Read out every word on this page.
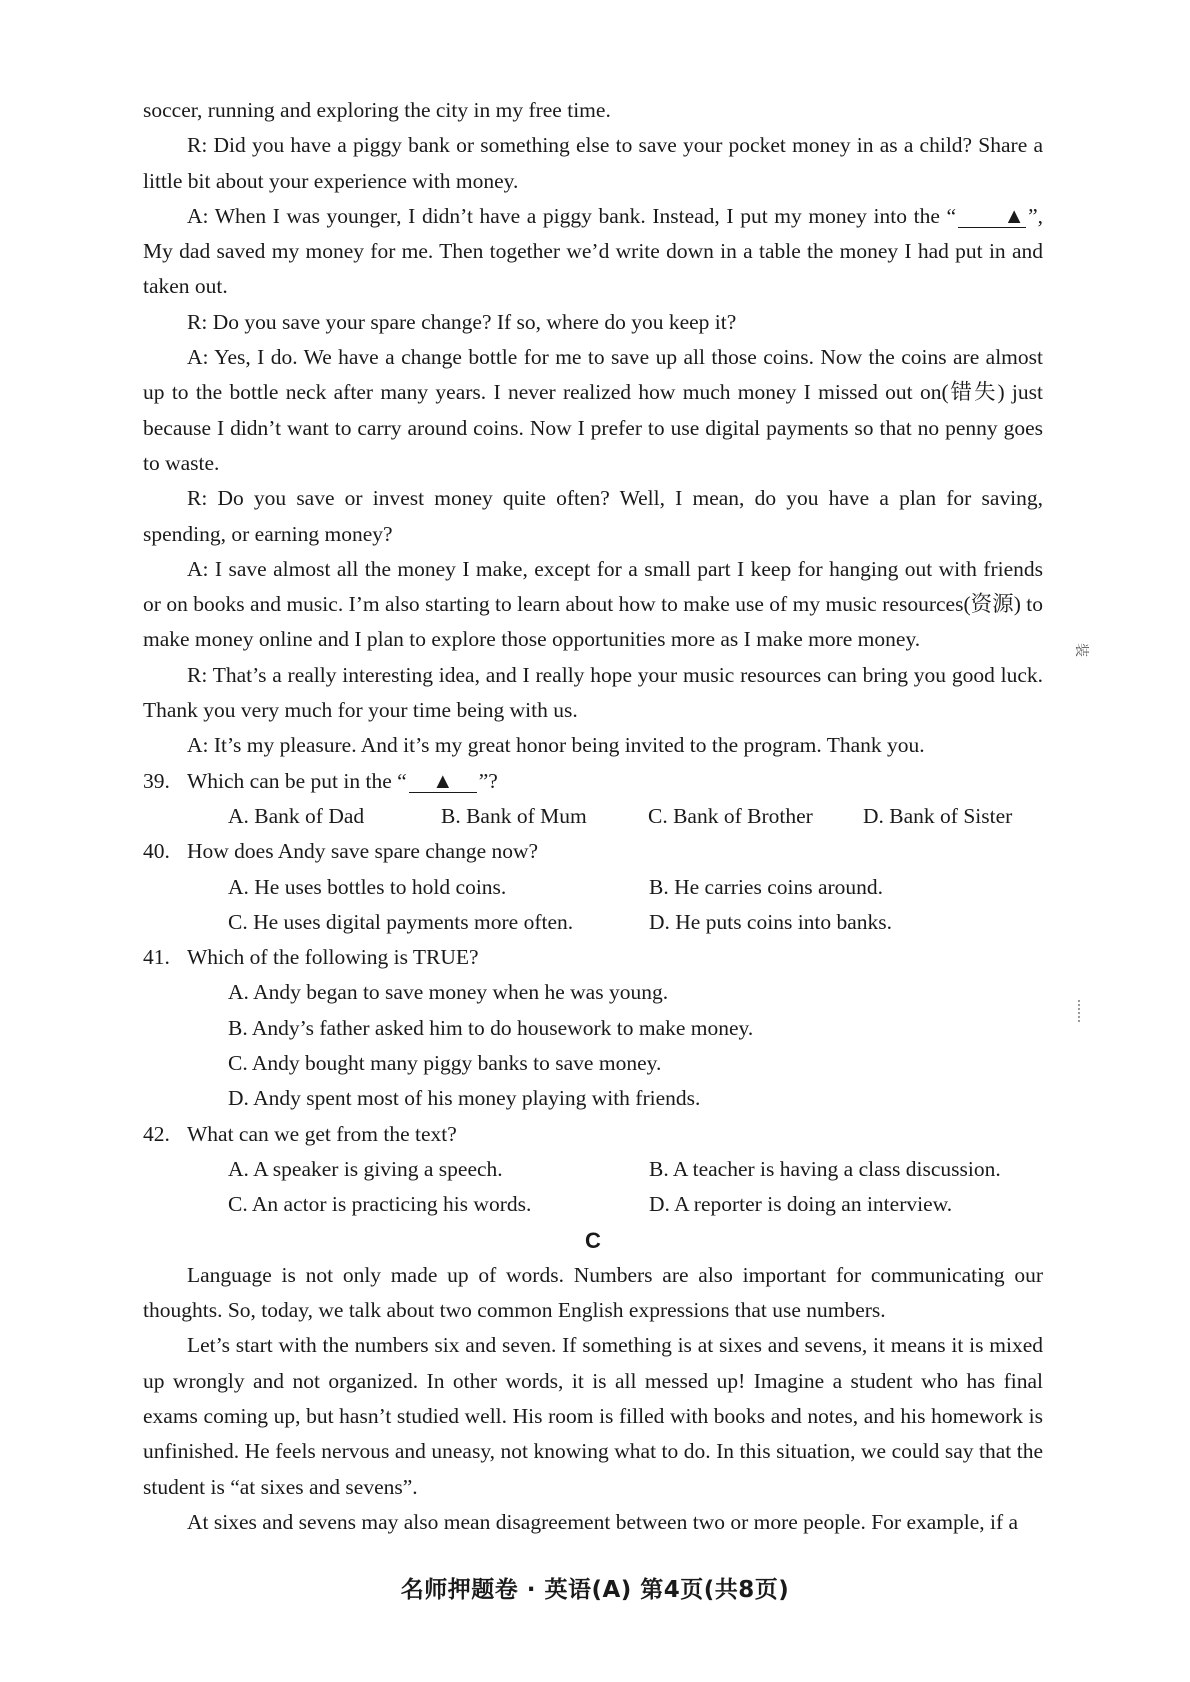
soccer, running and exploring the city in my free time.

R: Did you have a piggy bank or something else to save your pocket money in as a child? Share a little bit about your experience with money.

A: When I was younger, I didn’t have a piggy bank. Instead, I put my money into the “ ▲ ”, My dad saved my money for me. Then together we’d write down in a table the money I had put in and taken out.

R: Do you save your spare change? If so, where do you keep it?

A: Yes, I do. We have a change bottle for me to save up all those coins. Now the coins are almost up to the bottle neck after many years. I never realized how much money I missed out on(错失) just because I didn’t want to carry around coins. Now I prefer to use digital payments so that no penny goes to waste.

R: Do you save or invest money quite often? Well, I mean, do you have a plan for saving, spending, or earning money?

A: I save almost all the money I make, except for a small part I keep for hanging out with friends or on books and music. I’m also starting to learn about how to make use of my music resources(资源) to make money online and I plan to explore those opportunities more as I make more money.

R: That’s a really interesting idea, and I really hope your music resources can bring you good luck. Thank you very much for your time being with us.

A: It’s my pleasure. And it’s my great honor being invited to the program. Thank you.

39. Which can be put in the “ ▲ ”?

A. Bank of Dad	B. Bank of Mum	C. Bank of Brother	D. Bank of Sister

40. How does Andy save spare change now?

A. He uses bottles to hold coins.	B. He carries coins around.

C. He uses digital payments more often.	D. He puts coins into banks.

41. Which of the following is TRUE?

A. Andy began to save money when he was young.

B. Andy’s father asked him to do housework to make money.

C. Andy bought many piggy banks to save money.

D. Andy spent most of his money playing with friends.

42. What can we get from the text?

A. A speaker is giving a speech.	B. A teacher is having a class discussion.

C. An actor is practicing his words.	D. A reporter is doing an interview.

C

Language is not only made up of words. Numbers are also important for communicating our thoughts. So, today, we talk about two common English expressions that use numbers.

Let’s start with the numbers six and seven. If something is at sixes and sevens, it means it is mixed up wrongly and not organized. In other words, it is all messed up! Imagine a student who has final exams coming up, but hasn’t studied well. His room is filled with books and notes, and his homework is unfinished. He feels nervous and uneasy, not knowing what to do. In this situation, we could say that the student is “at sixes and sevens”.

At sixes and sevens may also mean disagreement between two or more people. For example, if a

装
名师押题卷 · 英语(A) 第4页(共8页)
